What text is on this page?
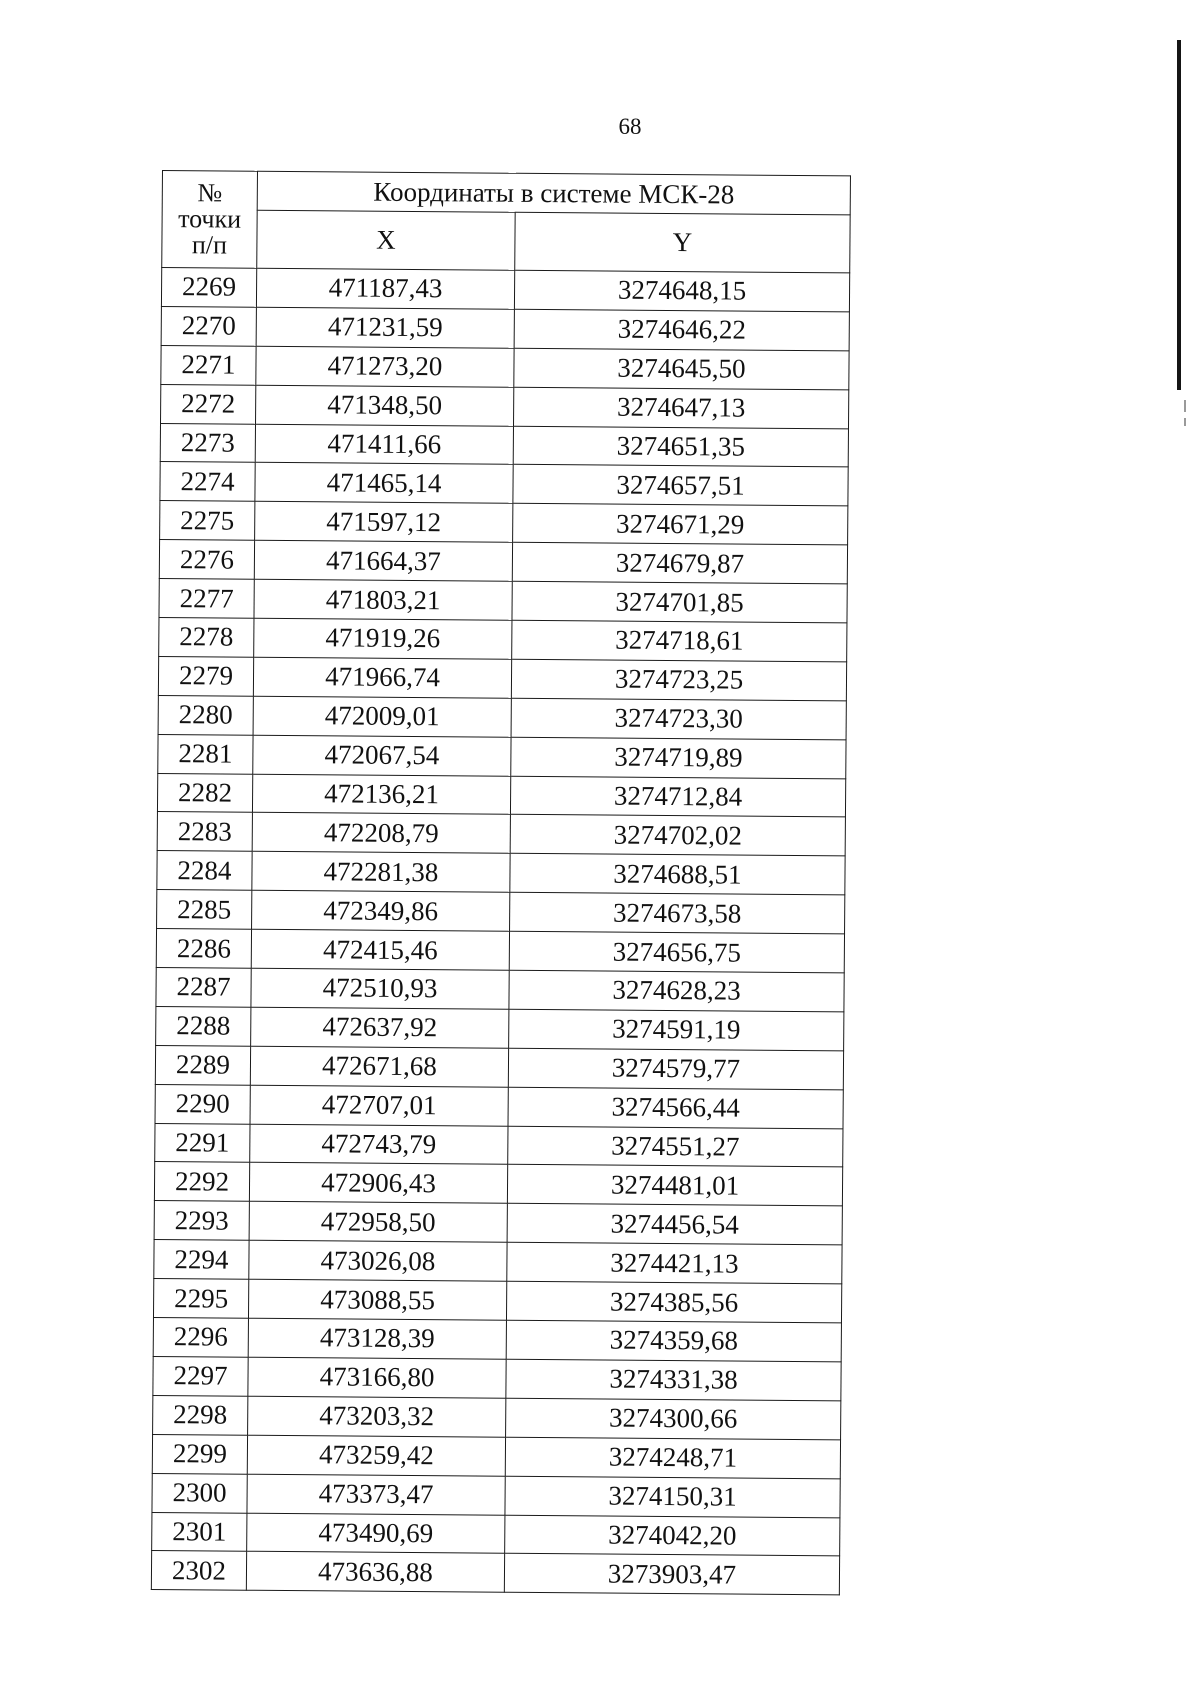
68
№
точки
п/п	Координаты в системе МСК-28	
	X	Y
2269	471187,43	3274648,15
2270	471231,59	3274646,22
2271	471273,20	3274645,50
2272	471348,50	3274647,13
2273	471411,66	3274651,35
2274	471465,14	3274657,51
2275	471597,12	3274671,29
2276	471664,37	3274679,87
2277	471803,21	3274701,85
2278	471919,26	3274718,61
2279	471966,74	3274723,25
2280	472009,01	3274723,30
2281	472067,54	3274719,89
2282	472136,21	3274712,84
2283	472208,79	3274702,02
2284	472281,38	3274688,51
2285	472349,86	3274673,58
2286	472415,46	3274656,75
2287	472510,93	3274628,23
2288	472637,92	3274591,19
2289	472671,68	3274579,77
2290	472707,01	3274566,44
2291	472743,79	3274551,27
2292	472906,43	3274481,01
2293	472958,50	3274456,54
2294	473026,08	3274421,13
2295	473088,55	3274385,56
2296	473128,39	3274359,68
2297	473166,80	3274331,38
2298	473203,32	3274300,66
2299	473259,42	3274248,71
2300	473373,47	3274150,31
2301	473490,69	3274042,20
2302	473636,88	3273903,47
